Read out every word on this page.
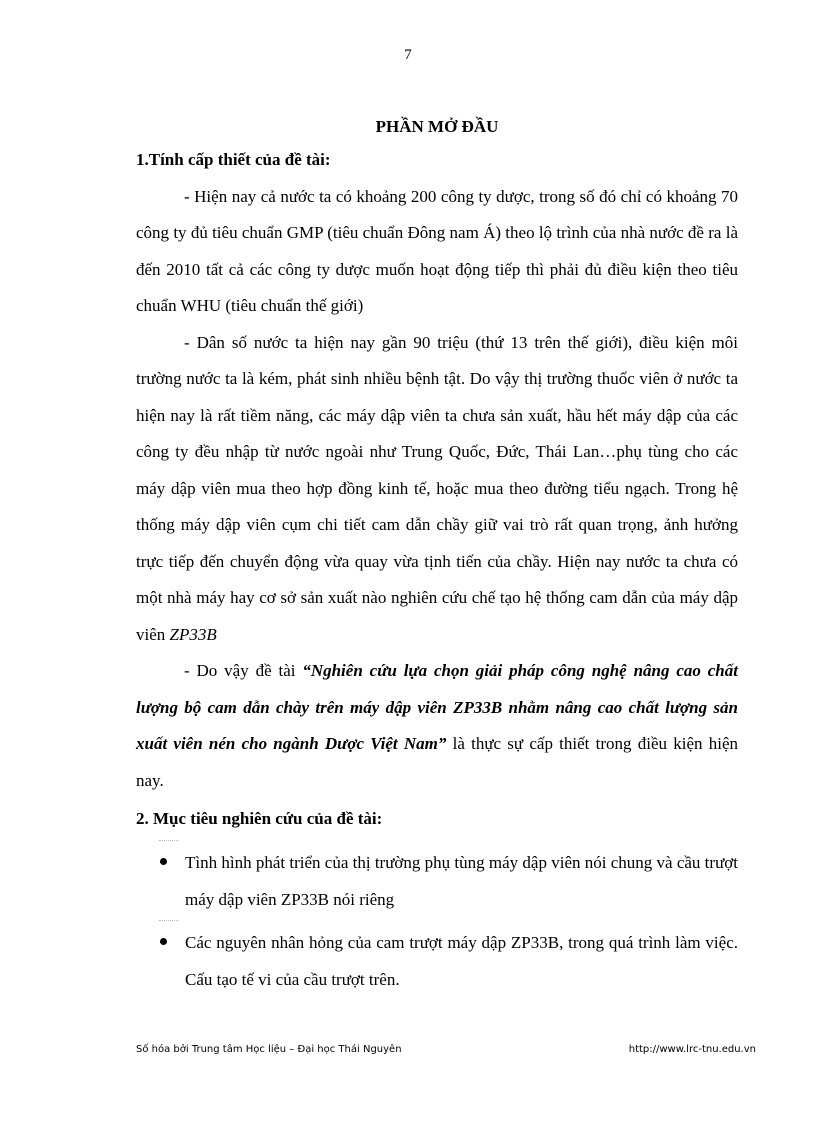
7

PHẦN MỞ ĐẦU

1.Tính cấp thiết của đề tài:

- Hiện nay cả nước ta có khoảng 200 công ty dược, trong số đó chỉ có khoảng 70 công ty đủ tiêu chuẩn GMP (tiêu chuẩn Đông nam Á) theo lộ trình của nhà nước đề ra là đến 2010 tất cả các công ty dược muốn hoạt động tiếp thì phải đủ điều kiện theo tiêu chuẩn WHU (tiêu chuẩn thế giới)

- Dân số nước ta hiện nay gần 90 triệu (thứ 13 trên thế giới), điều kiện môi trường nước ta là kém, phát sinh nhiều bệnh tật. Do vậy thị trường thuốc viên ở nước ta hiện nay là rất tiềm năng, các máy dập viên ta chưa sản xuất, hầu hết máy dập của các công ty đều nhập từ nước ngoài như Trung Quốc, Đức, Thái Lan…phụ tùng cho các máy dập viên mua theo hợp đồng kinh tế, hoặc mua theo đường tiểu ngạch. Trong hệ thống máy dập viên cụm chi tiết cam dẫn chầy giữ vai trò rất quan trọng, ảnh hưởng trực tiếp đến chuyển động vừa quay vừa tịnh tiến của chầy. Hiện nay nước ta chưa có một nhà máy hay cơ sở sản xuất nào nghiên cứu chế tạo hệ thống cam dẫn của máy dập viên ZP33B

- Do vậy đề tài “Nghiên cứu lựa chọn giải pháp công nghệ nâng cao chất lượng bộ cam dẫn chày trên máy dập viên ZP33B nhằm nâng cao chất lượng sản xuất viên nén cho ngành Dược Việt Nam” là thực sự cấp thiết trong điều kiện hiện nay.

2. Mục tiêu nghiên cứu của đề tài:

Tình hình phát triển của thị trường phụ tùng máy dập viên nói chung và cầu trượt máy dập viên ZP33B nói riêng
Các nguyên nhân hỏng của cam trượt máy dập ZP33B, trong quá trình làm việc. Cấu tạo tế vi của cầu trượt trên.
Số hóa bởi Trung tâm Học liệu – Đại học Thái Nguyên	http://www.lrc-tnu.edu.vn
